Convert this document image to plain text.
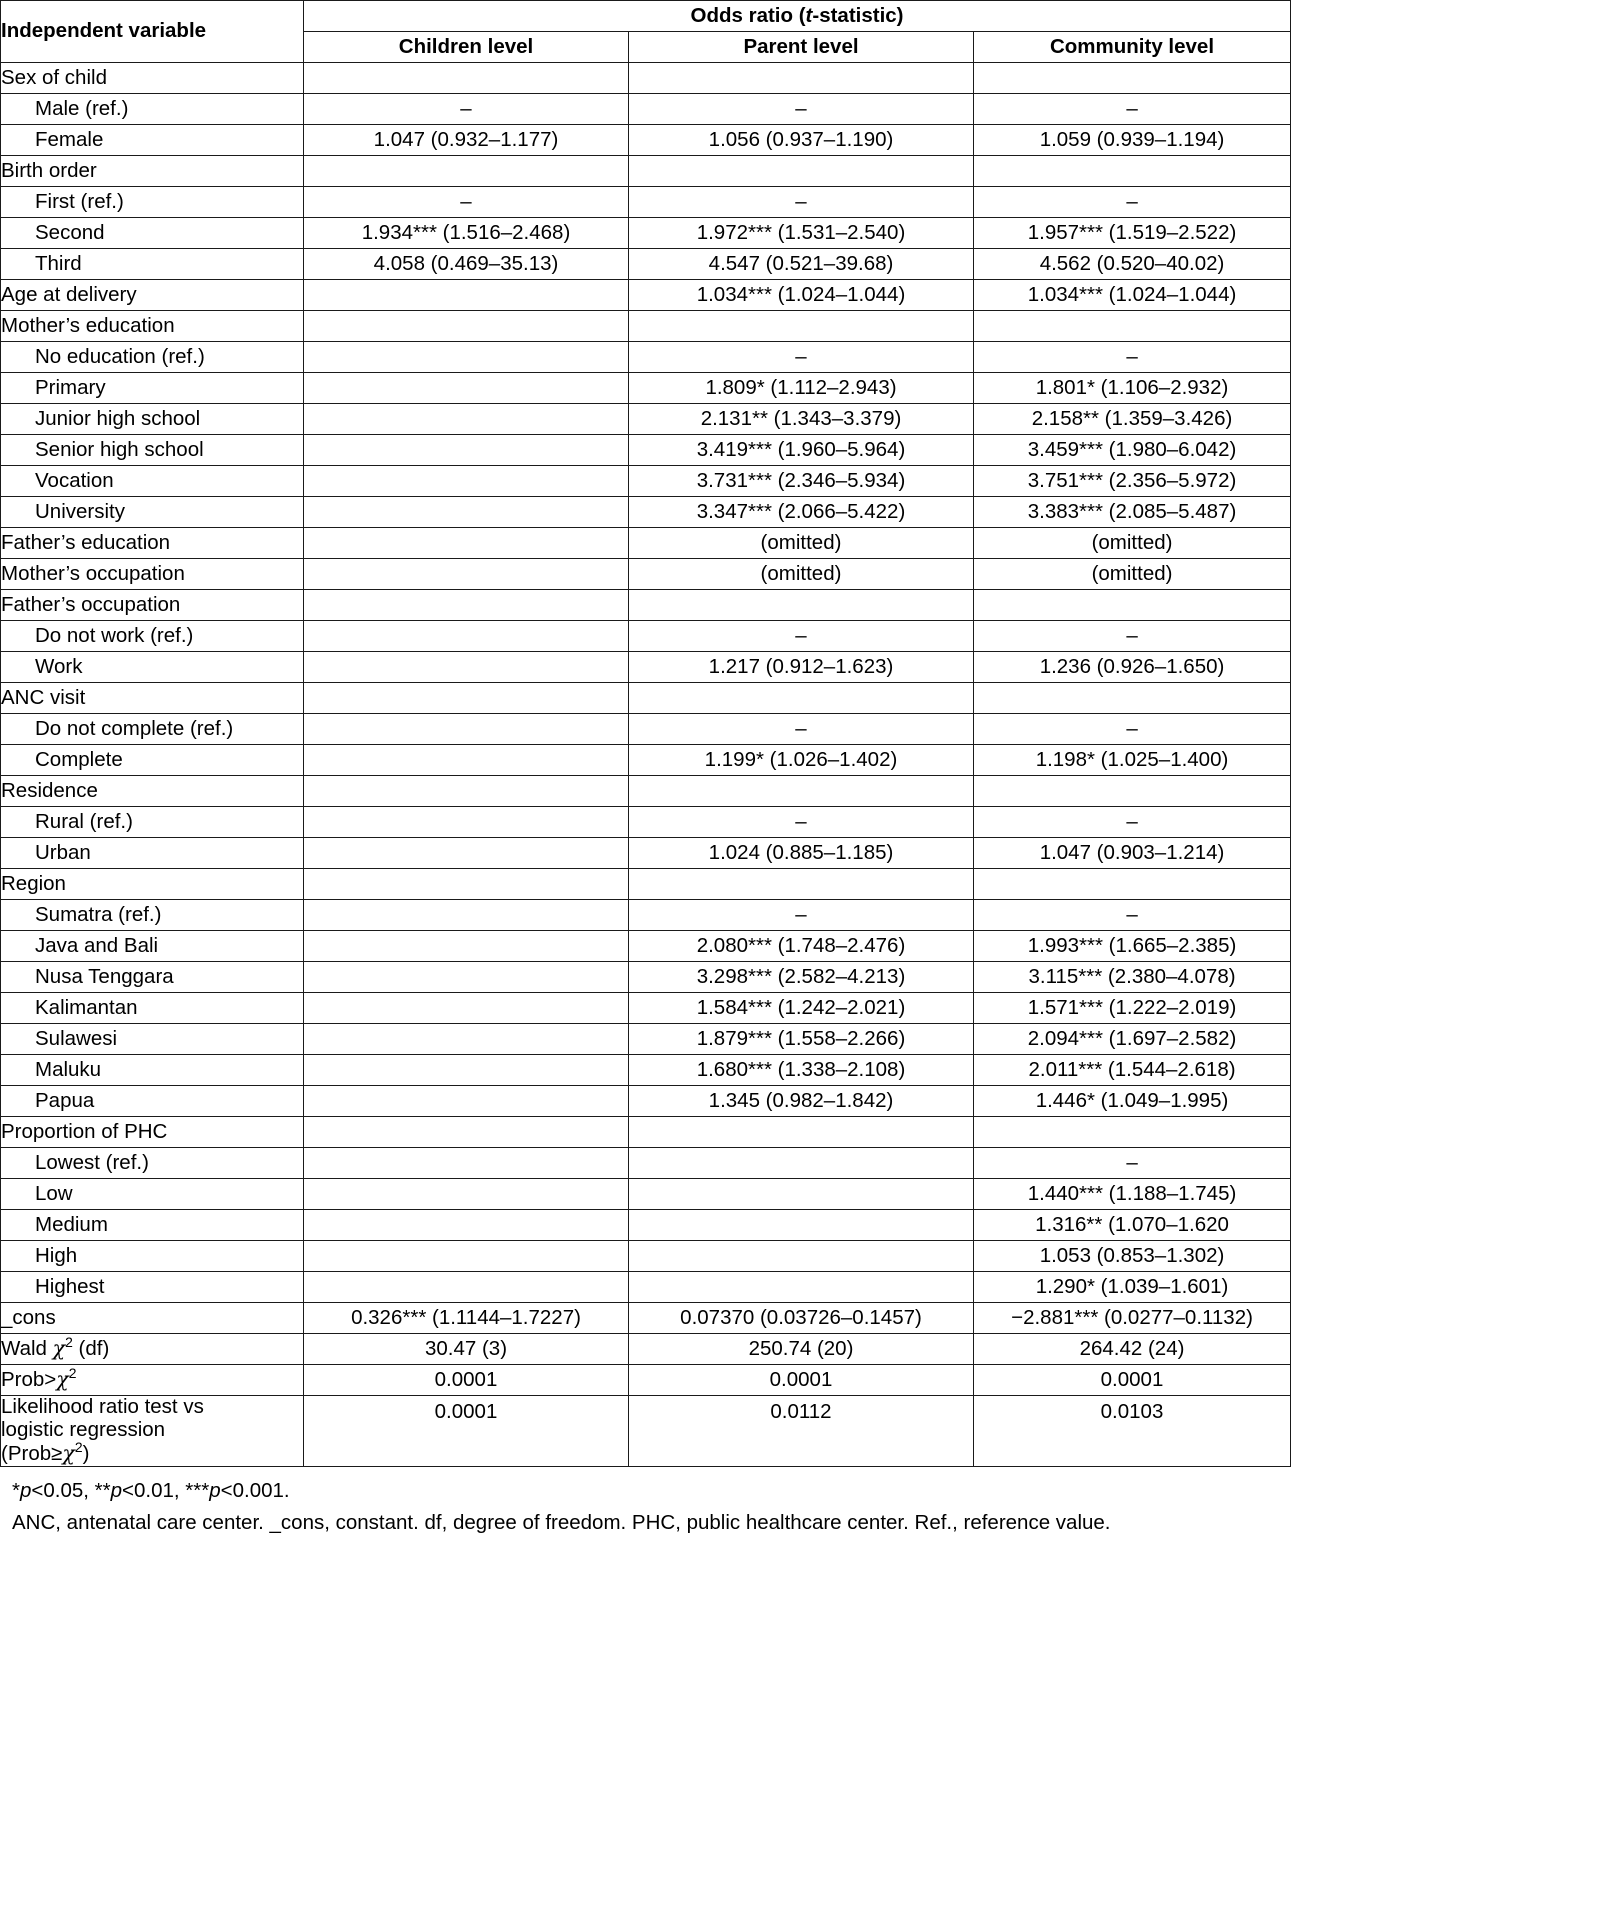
Independent variable	Odds ratio (t-statistic)		
	Children level	Parent level	Community level
Sex of child			
Male (ref.)	–	–	–
Female	1.047 (0.932–1.177)	1.056 (0.937–1.190)	1.059 (0.939–1.194)
Birth order			
First (ref.)	–	–	–
Second	1.934*** (1.516–2.468)	1.972*** (1.531–2.540)	1.957*** (1.519–2.522)
Third	4.058 (0.469–35.13)	4.547 (0.521–39.68)	4.562 (0.520–40.02)
Age at delivery		1.034*** (1.024–1.044)	1.034*** (1.024–1.044)
Mother’s education			
No education (ref.)		–	–
Primary		1.809* (1.112–2.943)	1.801* (1.106–2.932)
Junior high school		2.131** (1.343–3.379)	2.158** (1.359–3.426)
Senior high school		3.419*** (1.960–5.964)	3.459*** (1.980–6.042)
Vocation		3.731*** (2.346–5.934)	3.751*** (2.356–5.972)
University		3.347*** (2.066–5.422)	3.383*** (2.085–5.487)
Father’s education		(omitted)	(omitted)
Mother’s occupation		(omitted)	(omitted)
Father’s occupation			
Do not work (ref.)		–	–
Work		1.217 (0.912–1.623)	1.236 (0.926–1.650)
ANC visit			
Do not complete (ref.)		–	–
Complete		1.199* (1.026–1.402)	1.198* (1.025–1.400)
Residence			
Rural (ref.)		–	–
Urban		1.024 (0.885–1.185)	1.047 (0.903–1.214)
Region			
Sumatra (ref.)		–	–
Java and Bali		2.080*** (1.748–2.476)	1.993*** (1.665–2.385)
Nusa Tenggara		3.298*** (2.582–4.213)	3.115*** (2.380–4.078)
Kalimantan		1.584*** (1.242–2.021)	1.571*** (1.222–2.019)
Sulawesi		1.879*** (1.558–2.266)	2.094*** (1.697–2.582)
Maluku		1.680*** (1.338–2.108)	2.011*** (1.544–2.618)
Papua		1.345 (0.982–1.842)	1.446* (1.049–1.995)
Proportion of PHC			
Lowest (ref.)			–
Low			1.440*** (1.188–1.745)
Medium			1.316** (1.070–1.620
High			1.053 (0.853–1.302)
Highest			1.290* (1.039–1.601)
_cons	0.326*** (1.1144–1.7227)	0.07370 (0.03726–0.1457)	−2.881*** (0.0277–0.1132)
Wald $\chi^2$ (df)	30.47 (3)	250.74 (20)	264.42 (24)
$Prob>\chi^2$	0.0001	0.0001	0.0001

Likelihood ratio test vs
logistic regression
$(Prob\ge\chi^2)$	0.0001	0.0112	0.0103
*p<0.05, **p<0.01, ***p<0.001.
ANC, antenatal care center. _cons, constant. df, degree of freedom. PHC, public healthcare center. Ref., reference value.
